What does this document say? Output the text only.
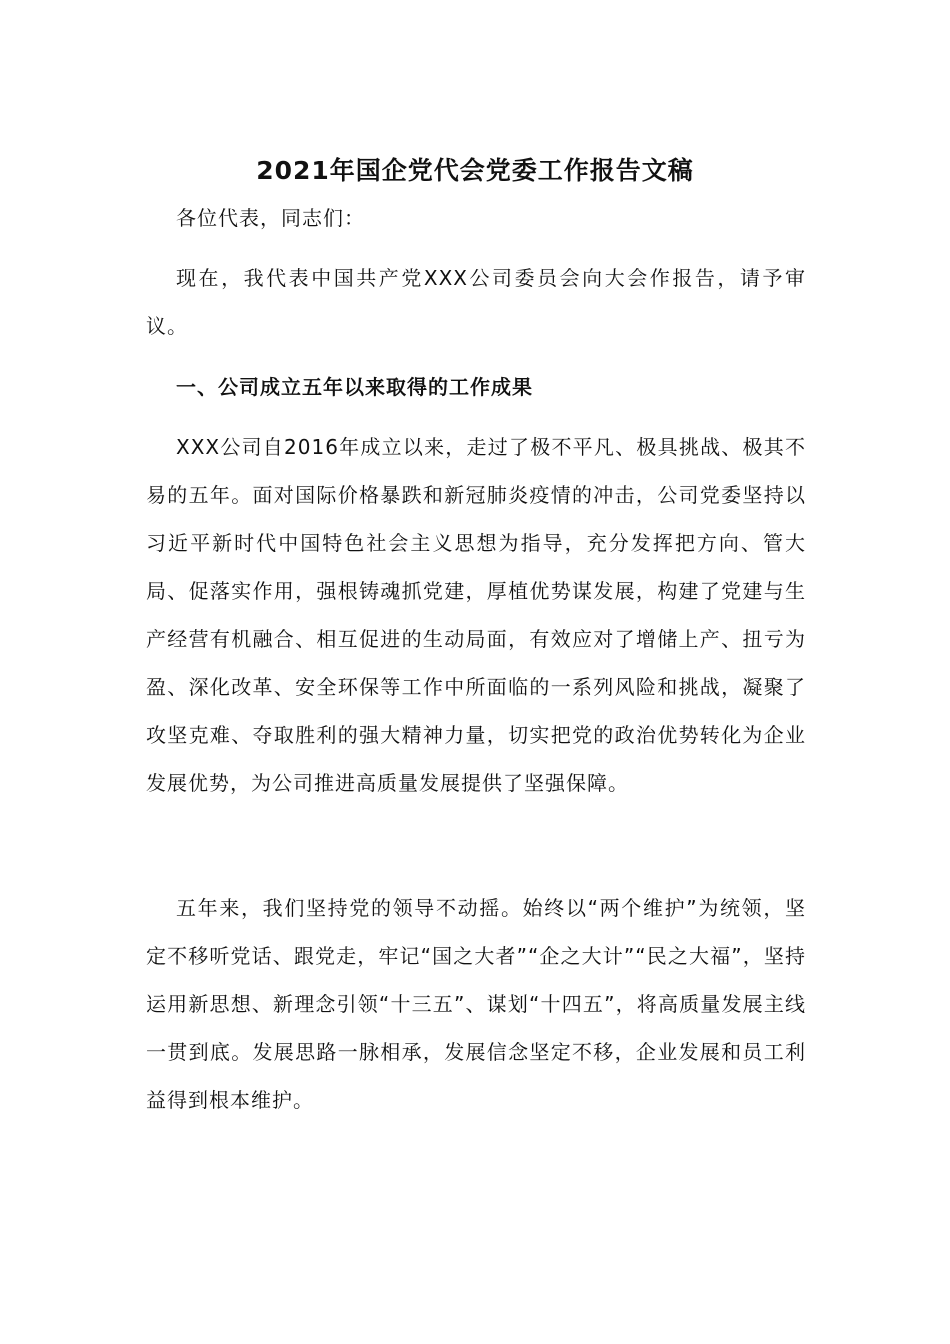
2021年国企党代会党委工作报告文稿

各位代表，同志们：

现在，我代表中国共产党XXX公司委员会向大会作报告，请予审议。

一、公司成立五年以来取得的工作成果

XXX公司自2016年成立以来，走过了极不平凡、极具挑战、极其不易的五年。面对国际价格暴跌和新冠肺炎疫情的冲击，公司党委坚持以习近平新时代中国特色社会主义思想为指导，充分发挥把方向、管大局、促落实作用，强根铸魂抓党建，厚植优势谋发展，构建了党建与生产经营有机融合、相互促进的生动局面，有效应对了增储上产、扭亏为盈、深化改革、安全环保等工作中所面临的一系列风险和挑战，凝聚了攻坚克难、夺取胜利的强大精神力量，切实把党的政治优势转化为企业发展优势，为公司推进高质量发展提供了坚强保障。

五年来，我们坚持党的领导不动摇。始终以“两个维护”为统领，坚定不移听党话、跟党走，牢记“国之大者”“企之大计”“民之大福”，坚持运用新思想、新理念引领“十三五”、谋划“十四五”，将高质量发展主线一贯到底。发展思路一脉相承，发展信念坚定不移，企业发展和员工利益得到根本维护。
